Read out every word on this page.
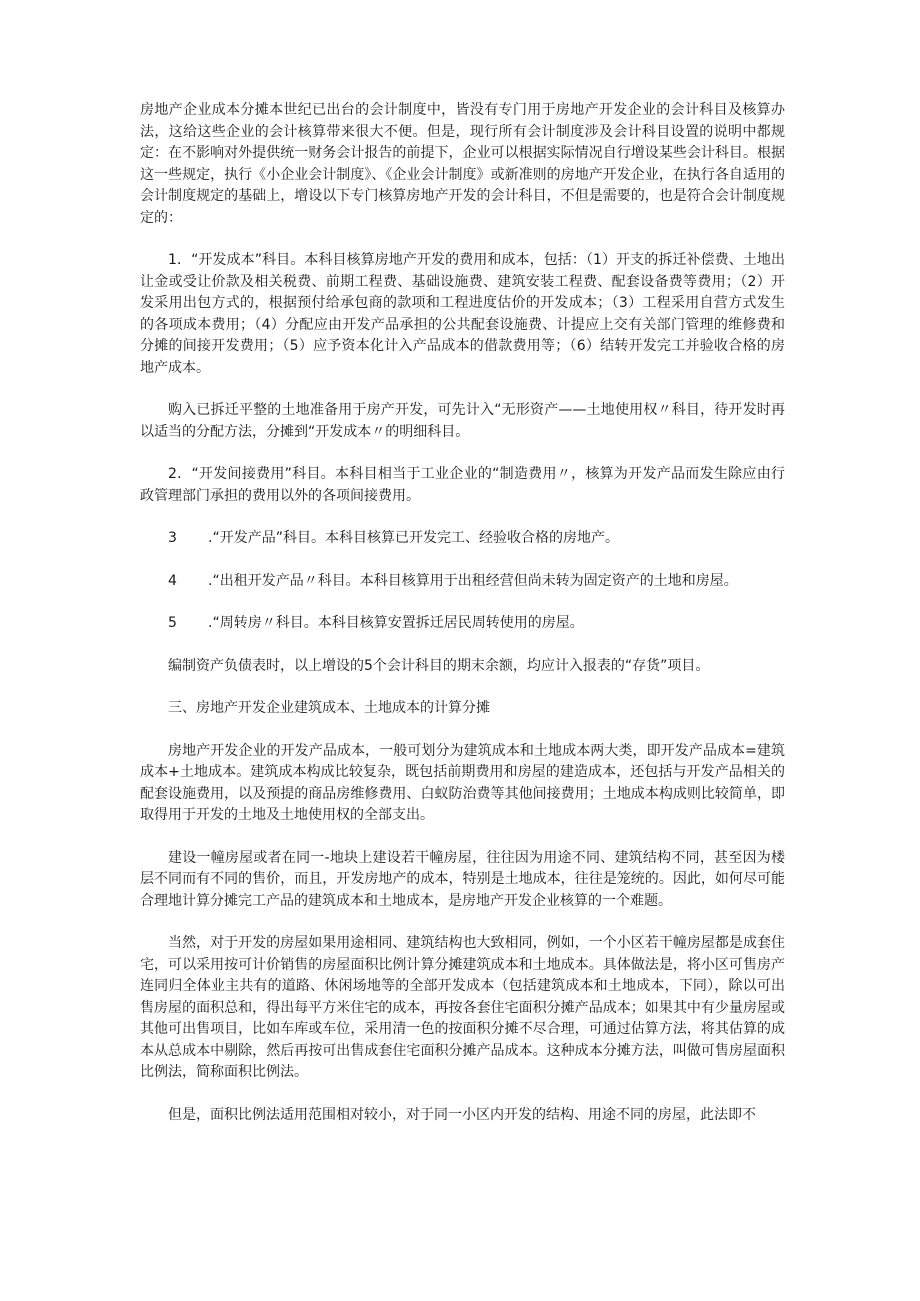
房地产企业成本分摊本世纪已出台的会计制度中，皆没有专门用于房地产开发企业的会计科目及核算办法，这给这些企业的会计核算带来很大不便。但是，现行所有会计制度涉及会计科目设置的说明中都规定：在不影响对外提供统一财务会计报告的前提下，企业可以根据实际情况自行增设某些会计科目。根据这一些规定，执行《小企业会计制度》、《企业会计制度》或新准则的房地产开发企业，在执行各自适用的会计制度规定的基础上，增设以下专门核算房地产开发的会计科目，不但是需要的，也是符合会计制度规定的：

1．“开发成本”科目。本科目核算房地产开发的费用和成本，包括：（1）开支的拆迁补偿费、土地出让金或受让价款及相关税费、前期工程费、基础设施费、建筑安装工程费、配套设备费等费用；（2）开发采用出包方式的，根据预付给承包商的款项和工程进度估价的开发成本；（3）工程采用自营方式发生的各项成本费用；（4）分配应由开发产品承担的公共配套设施费、计提应上交有关部门管理的维修费和分摊的间接开发费用；（5）应予资本化计入产品成本的借款费用等；（6）结转开发完工并验收合格的房地产成本。

购入已拆迁平整的土地准备用于房产开发，可先计入“无形资产——土地使用权〃科目，待开发时再以适当的分配方法，分摊到“开发成本〃的明细科目。

2．“开发间接费用”科目。本科目相当于工业企业的“制造费用〃，核算为开发产品而发生除应由行政管理部门承担的费用以外的各项间接费用。

3 .“开发产品”科目。本科目核算已开发完工、经验收合格的房地产。

4 .“出租开发产品〃科目。本科目核算用于出租经营但尚未转为固定资产的土地和房屋。

5 .“周转房〃科目。本科目核算安置拆迁居民周转使用的房屋。

编制资产负债表时，以上增设的5个会计科目的期末余额，均应计入报表的“存货”项目。

三、房地产开发企业建筑成本、土地成本的计算分摊

房地产开发企业的开发产品成本，一般可划分为建筑成本和土地成本两大类，即开发产品成本=建筑成本+土地成本。建筑成本构成比较复杂，既包括前期费用和房屋的建造成本，还包括与开发产品相关的配套设施费用，以及预提的商品房维修费用、白蚁防治费等其他间接费用；土地成本构成则比较简单，即取得用于开发的土地及土地使用权的全部支出。

建设一幢房屋或者在同一-地块上建设若干幢房屋，往往因为用途不同、建筑结构不同，甚至因为楼层不同而有不同的售价，而且，开发房地产的成本，特别是土地成本，往往是笼统的。因此，如何尽可能合理地计算分摊完工产品的建筑成本和土地成本，是房地产开发企业核算的一个难题。

当然，对于开发的房屋如果用途相同、建筑结构也大致相同，例如，一个小区若干幢房屋都是成套住宅，可以采用按可计价销售的房屋面积比例计算分摊建筑成本和土地成本。具体做法是，将小区可售房产连同归全体业主共有的道路、休闲场地等的全部开发成本（包括建筑成本和土地成本，下同），除以可出售房屋的面积总和，得出每平方米住宅的成本，再按各套住宅面积分摊产品成本；如果其中有少量房屋或其他可出售项目，比如车库或车位，采用清一色的按面积分摊不尽合理，可通过估算方法，将其估算的成本从总成本中剔除，然后再按可出售成套住宅面积分摊产品成本。这种成本分摊方法，叫做可售房屋面积比例法，简称面积比例法。

但是，面积比例法适用范围相对较小，对于同一小区内开发的结构、用途不同的房屋，此法即不
